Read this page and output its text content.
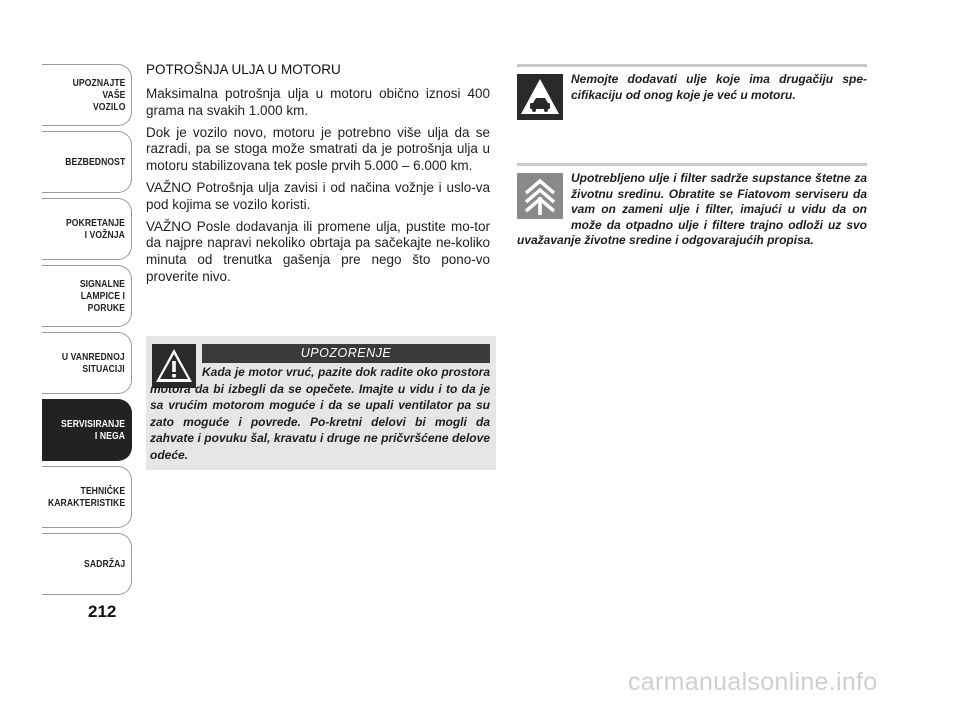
UPOZNAJTE
VAŠE
VOZILO
BEZBEDNOST
POKRETANJE
I VOŽNJA
SIGNALNE
LAMPICE I PORUKE
U VANREDNOJ
SITUACIJI
SERVISIRANJE
I NEGA
TEHNIČKE
KARAKTERISTIKE
SADRŽAJ
212
POTROŠNJA ULJA U MOTORU

Maksimalna potrošnja ulja u motoru obično iznosi 400 grama na svakih 1.000 km.

Dok je vozilo novo, motoru je potrebno više ulja da se razradi, pa se stoga može smatrati da je potrošnja ulja u motoru stabilizovana tek posle prvih 5.000 – 6.000 km.

VAŽNO Potrošnja ulja zavisi i od načina vožnje i uslo-va pod kojima se vozilo koristi.

VAŽNO Posle dodavanja ili promene ulja, pustite mo-tor da najpre napravi nekoliko obrtaja pa sačekajte ne-koliko minuta od trenutka gašenja pre nego što pono-vo proverite nivo.

UPOZORENJE
Kada je motor vruć, pazite dok radite oko prostora motora da bi izbegli da se opečete. Imajte u vidu i to da je sa vrućim motorom moguće i da se upali ventilator pa su zato moguće i povrede. Po-kretni delovi bi mogli da zahvate i povuku šal, kravatu i druge ne pričvršćene delove odeće.
Nemojte dodavati ulje koje ima drugačiju spe-cifikaciju od onog koje je već u motoru.
Upotrebljeno ulje i filter sadrže supstance štetne za životnu sredinu. Obratite se Fiatovom serviseru da vam on zameni ulje i filter, imajući u vidu da on može da otpadno ulje i filtere trajno odloži uz svo uvažavanje životne sredine i odgovarajućih propisa.
carmanualsonline.info
